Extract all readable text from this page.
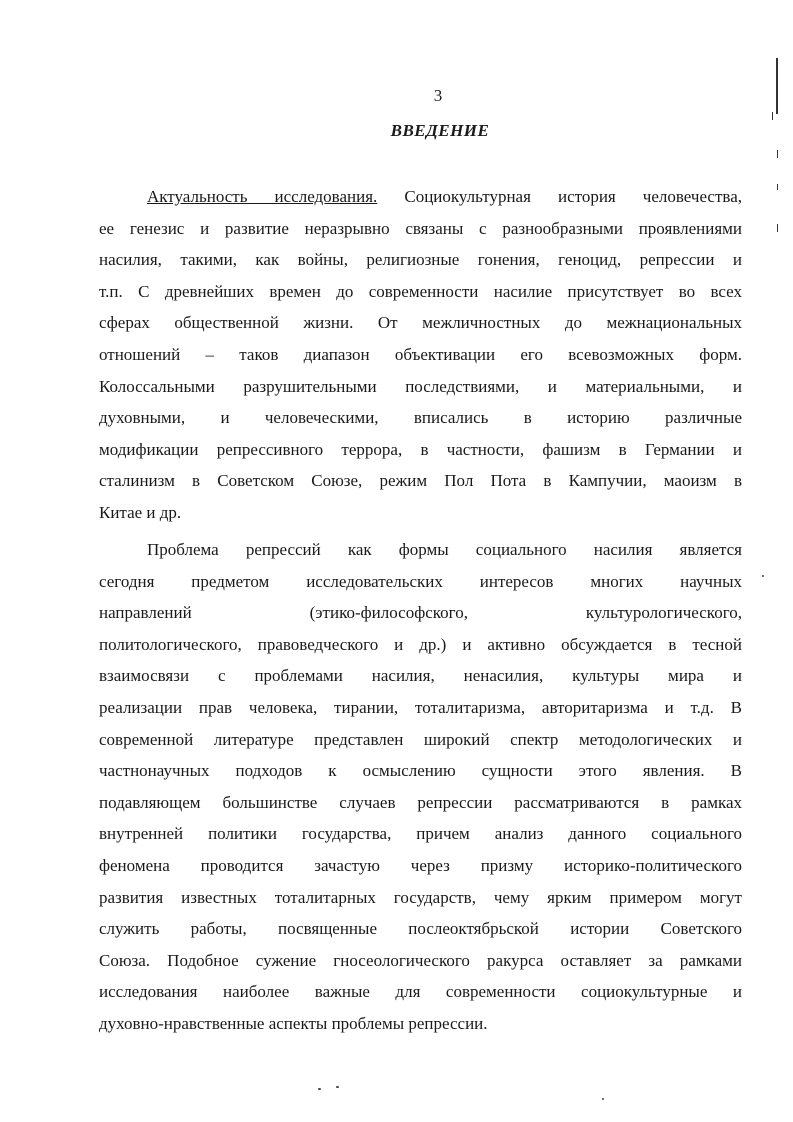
3
ВВЕДЕНИЕ
Актуальность исследования. Социокультурная история человечества,
ее генезис и развитие неразрывно связаны с разнообразными проявлениями
насилия, такими, как войны, религиозные гонения, геноцид, репрессии и
т.п. С древнейших времен до современности насилие присутствует во всех
сферах общественной жизни. От межличностных до межнациональных
отношений – таков диапазон объективации его всевозможных форм.
Колоссальными разрушительными последствиями, и материальными, и
духовными, и человеческими, вписались в историю различные
модификации репрессивного террора, в частности, фашизм в Германии и
сталинизм в Советском Союзе, режим Пол Пота в Кампучии, маоизм в
Китае и др.
Проблема репрессий как формы социального насилия является
сегодня предметом исследовательских интересов многих научных
направлений (этико-философского, культурологического,
политологического, правоведческого и др.) и активно обсуждается в тесной
взаимосвязи с проблемами насилия, ненасилия, культуры мира и
реализации прав человека, тирании, тоталитаризма, авторитаризма и т.д. В
современной литературе представлен широкий спектр методологических и
частнонаучных подходов к осмыслению сущности этого явления. В
подавляющем большинстве случаев репрессии рассматриваются в рамках
внутренней политики государства, причем анализ данного социального
феномена проводится зачастую через призму историко-политического
развития известных тоталитарных государств, чему ярким примером могут
служить работы, посвященные послеоктябрьской истории Советского
Союза. Подобное сужение гносеологического ракурса оставляет за рамками
исследования наиболее важные для современности социокультурные и
духовно-нравственные аспекты проблемы репрессии.
